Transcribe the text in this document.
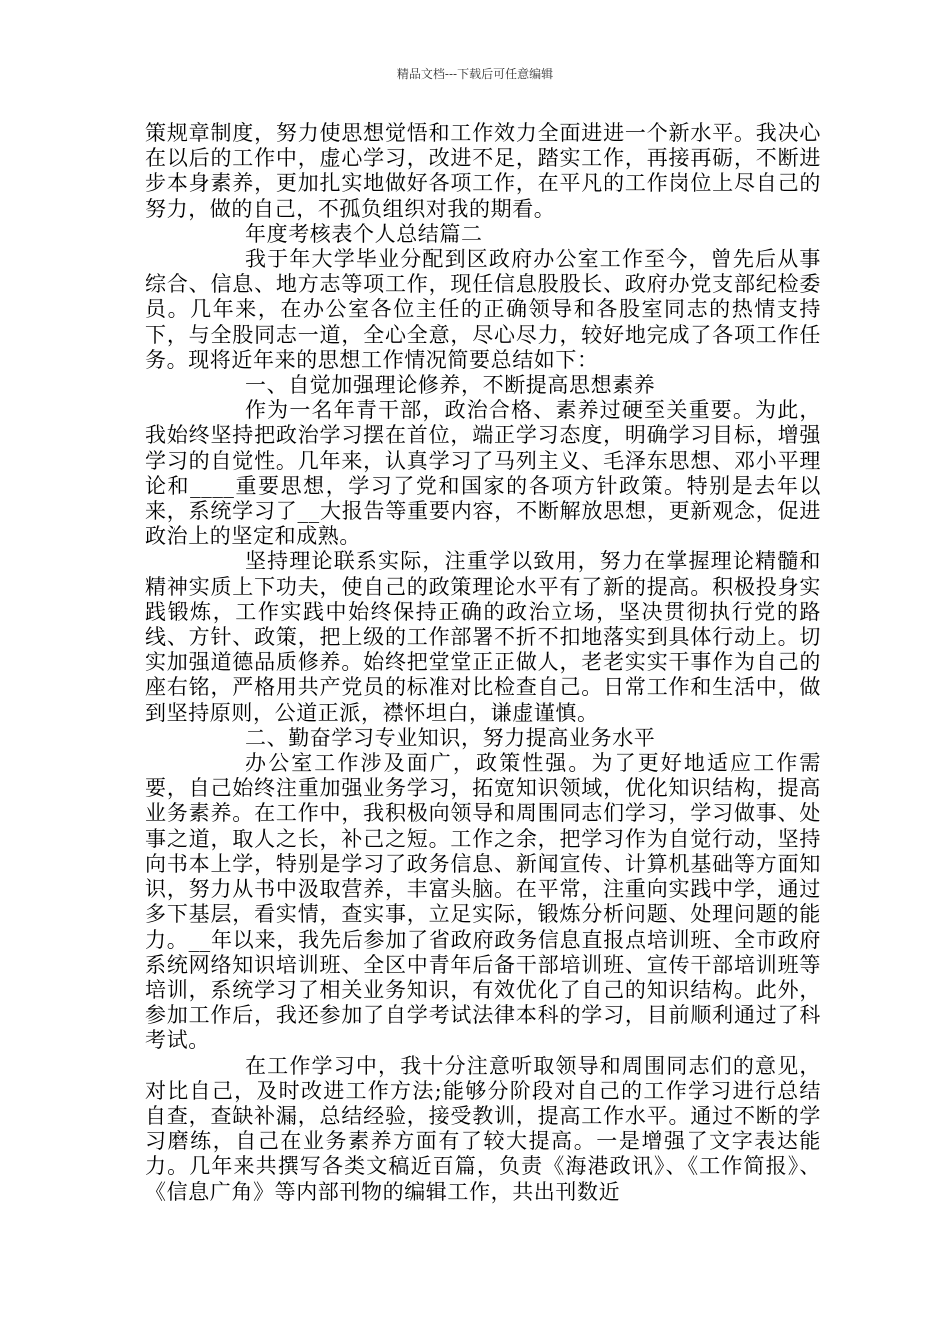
精品文档---下载后可任意编辑

策规章制度，努力使思想觉悟和工作效力全面进进一个新水平。我决心在以后的工作中，虚心学习，改进不足，踏实工作，再接再砺，不断进步本身素养，更加扎实地做好各项工作，在平凡的工作岗位上尽自己的努力，做的自己，不孤负组织对我的期看。

年度考核表个人总结篇二

我于年大学毕业分配到区政府办公室工作至今，曾先后从事综合、信息、地方志等项工作，现任信息股股长、政府办党支部纪检委员。几年来，在办公室各位主任的正确领导和各股室同志的热情支持下，与全股同志一道，全心全意，尽心尽力，较好地完成了各项工作任务。现将近年来的思想工作情况简要总结如下：

一、自觉加强理论修养，不断提高思想素养

作为一名年青干部，政治合格、素养过硬至关重要。为此，我始终坚持把政治学习摆在首位，端正学习态度，明确学习目标，增强学习的自觉性。几年来，认真学习了马列主义、毛泽东思想、邓小平理论和____重要思想，学习了党和国家的各项方针政策。特别是去年以来，系统学习了__大报告等重要内容，不断解放思想，更新观念，促进政治上的坚定和成熟。

坚持理论联系实际，注重学以致用，努力在掌握理论精髓和精神实质上下功夫，使自己的政策理论水平有了新的提高。积极投身实践锻炼，工作实践中始终保持正确的政治立场，坚决贯彻执行党的路线、方针、政策，把上级的工作部署不折不扣地落实到具体行动上。切实加强道德品质修养。始终把堂堂正正做人，老老实实干事作为自己的座右铭，严格用共产党员的标准对比检查自己。日常工作和生活中，做到坚持原则，公道正派，襟怀坦白，谦虚谨慎。

二、勤奋学习专业知识，努力提高业务水平

办公室工作涉及面广，政策性强。为了更好地适应工作需要，自己始终注重加强业务学习，拓宽知识领域，优化知识结构，提高业务素养。在工作中，我积极向领导和周围同志们学习，学习做事、处事之道，取人之长，补己之短。工作之余，把学习作为自觉行动，坚持向书本上学，特别是学习了政务信息、新闻宣传、计算机基础等方面知识，努力从书中汲取营养，丰富头脑。在平常，注重向实践中学，通过多下基层，看实情，查实事，立足实际，锻炼分析问题、处理问题的能力。__年以来，我先后参加了省政府政务信息直报点培训班、全市政府系统网络知识培训班、全区中青年后备干部培训班、宣传干部培训班等培训，系统学习了相关业务知识，有效优化了自己的知识结构。此外，参加工作后，我还参加了自学考试法律本科的学习，目前顺利通过了科考试。

在工作学习中，我十分注意听取领导和周围同志们的意见，对比自己，及时改进工作方法;能够分阶段对自己的工作学习进行总结自查，查缺补漏，总结经验，接受教训，提高工作水平。通过不断的学习磨练，自己在业务素养方面有了较大提高。一是增强了文字表达能力。几年来共撰写各类文稿近百篇，负责《海港政讯》、《工作简报》、《信息广角》等内部刊物的编辑工作，共出刊数近
